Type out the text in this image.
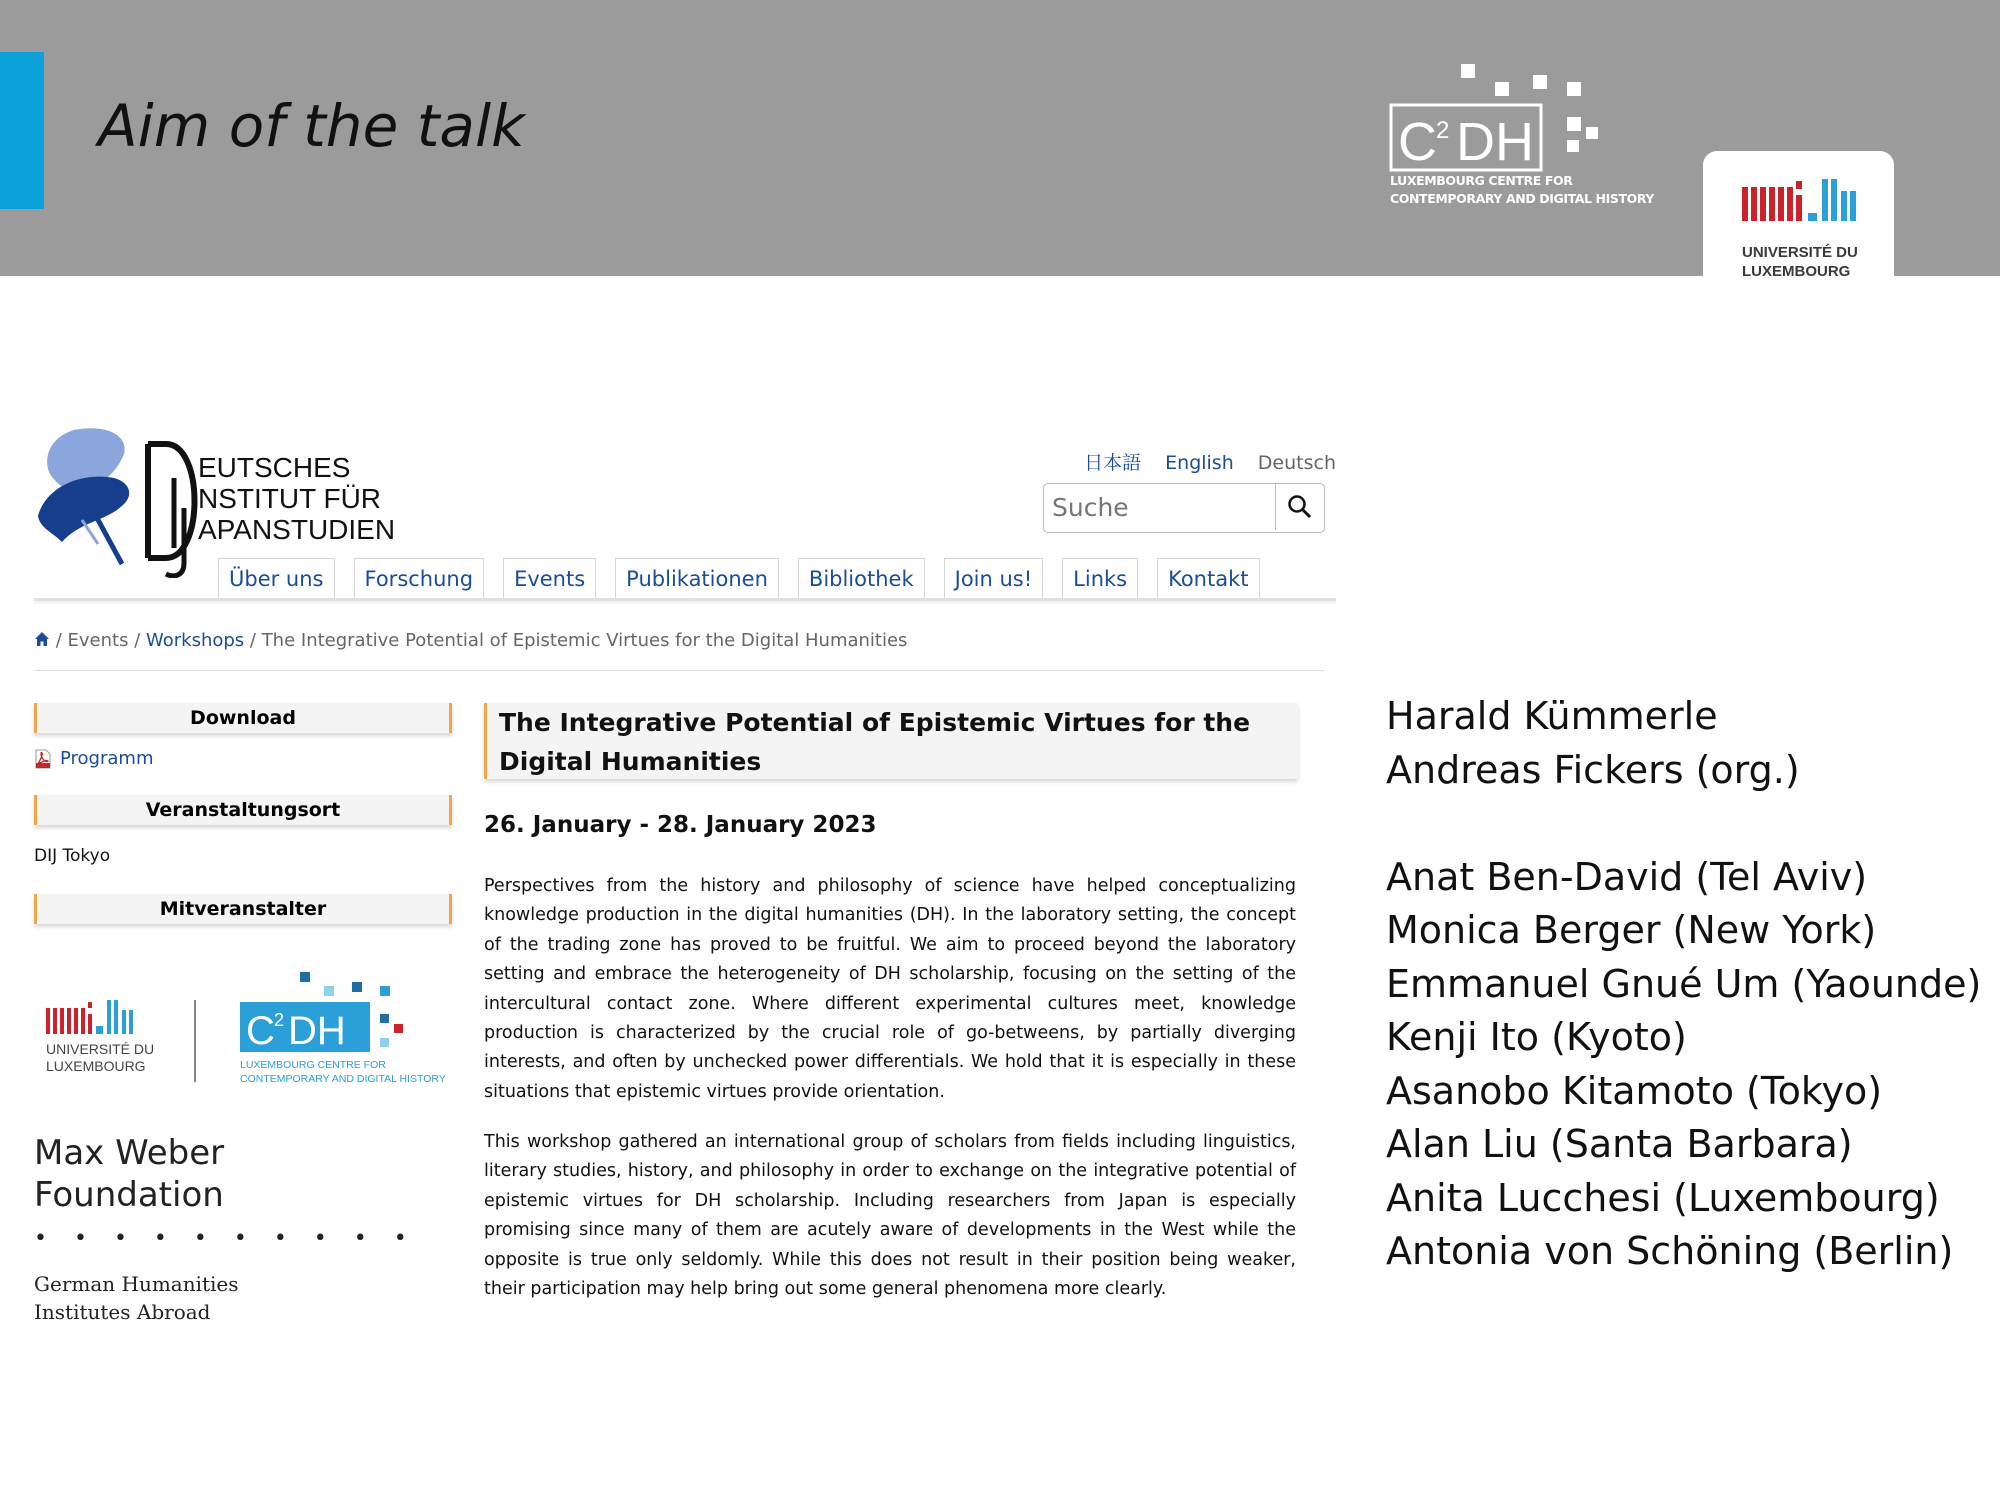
Aim of the talk	C 2 DH
LUXEMBOURG CENTRE FOR
CONTEMPORARY AND DIGITAL HISTORY
UNIVERSITÉ DU
LUXEMBOURG
EUTSCHES
NSTITUT FÜR
APANSTUDIEN
日本語 English Deutsch
Suche
Über uns	Forschung	Events	Publikationen	Bibliothek	Join us!	Links	Kontakt
/ Events / Workshops / The Integrative Potential of Epistemic Virtues for the Digital Humanities
Download
Programm
Veranstaltungsort
DIJ Tokyo
Mitveranstalter
UNIVERSITÉ DU
LUXEMBOURG
C 2 DH
LUXEMBOURG CENTRE FOR
CONTEMPORARY AND DIGITAL HISTORY
Max Weber
Foundation
• • • • • • • • • •
German Humanities
Institutes Abroad
The Integrative Potential of Epistemic Virtues for the Digital Humanities
26. January - 28. January 2023
Perspectives from the history and philosophy of science have helped conceptualizing knowledge production in the digital humanities (DH). In the laboratory setting, the concept of the trading zone has proved to be fruitful. We aim to proceed beyond the laboratory setting and embrace the heterogeneity of DH scholarship, focusing on the setting of the intercultural contact zone. Where different experimental cultures meet, knowledge production is characterized by the crucial role of go-betweens, by partially diverging interests, and often by unchecked power differentials. We hold that it is especially in these situations that epistemic virtues provide orientation.
This workshop gathered an international group of scholars from fields including linguistics, literary studies, history, and philosophy in order to exchange on the integrative potential of epistemic virtues for DH scholarship. Including researchers from Japan is especially promising since many of them are acutely aware of developments in the West while the opposite is true only seldomly. While this does not result in their position being weaker, their participation may help bring out some general phenomena more clearly.
Harald Kümmerle
Andreas Fickers (org.)
Anat Ben-David (Tel Aviv)
Monica Berger (New York)
Emmanuel Gnué Um (Yaounde)
Kenji Ito (Kyoto)
Asanobo Kitamoto (Tokyo)
Alan Liu (Santa Barbara)
Anita Lucchesi (Luxembourg)
Antonia von Schöning (Berlin)
